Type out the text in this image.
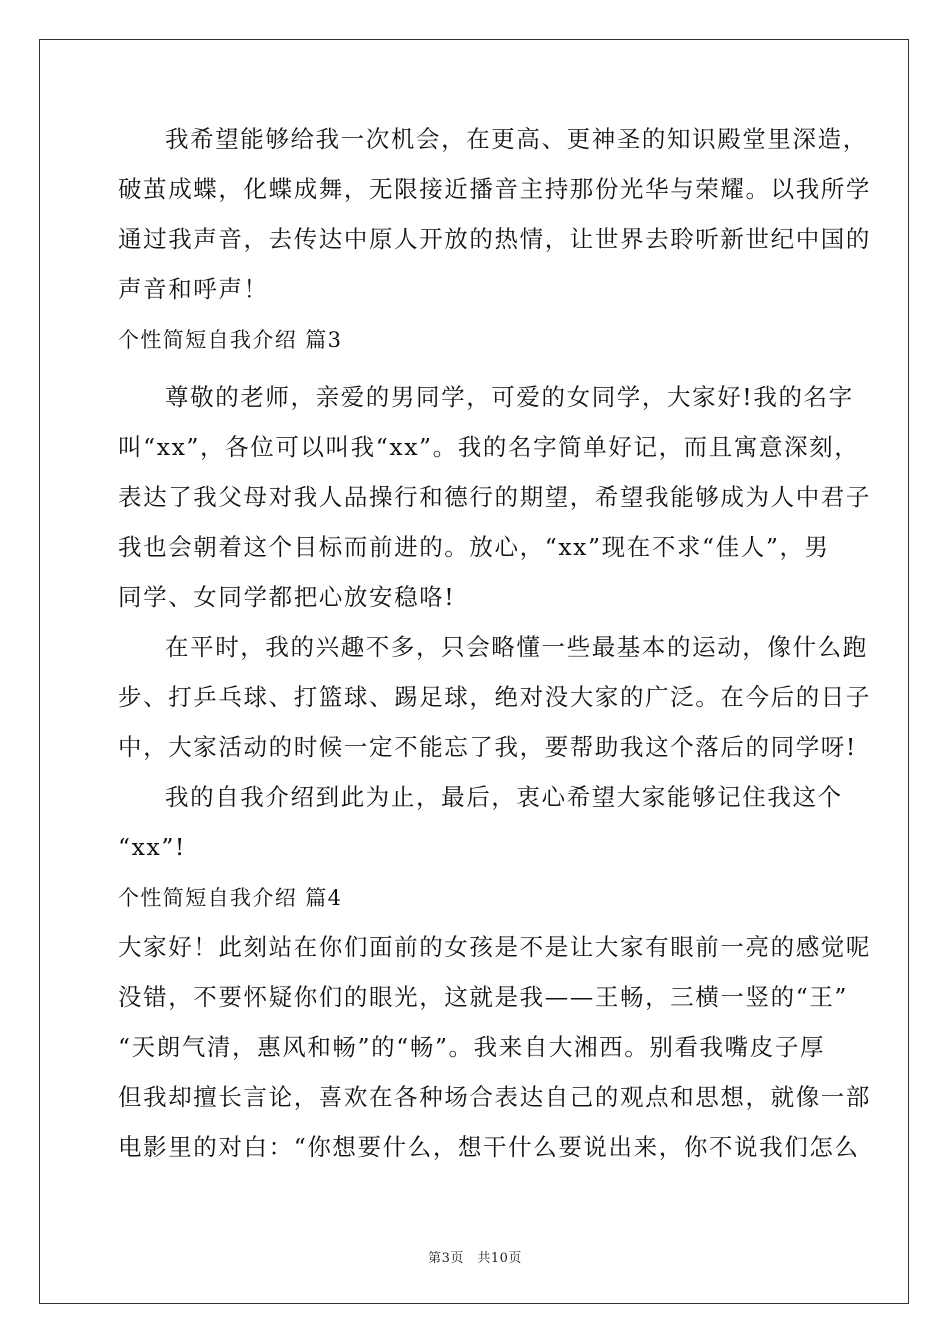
我希望能够给我一次机会，在更高、更神圣的知识殿堂里深造，
破茧成蝶，化蝶成舞，无限接近播音主持那份光华与荣耀。以我所学
通过我声音，去传达中原人开放的热情，让世界去聆听新世纪中国的
声音和呼声！
个性简短自我介绍 篇3
尊敬的老师，亲爱的男同学，可爱的女同学，大家好!我的名字
叫“xx”，各位可以叫我“xx”。我的名字简单好记，而且寓意深刻，
表达了我父母对我人品操行和德行的期望，希望我能够成为人中君子
我也会朝着这个目标而前进的。放心，“xx”现在不求“佳人”，男
同学、女同学都把心放安稳咯!
在平时，我的兴趣不多，只会略懂一些最基本的运动，像什么跑
步、打乒乓球、打篮球、踢足球，绝对没大家的广泛。在今后的日子
中，大家活动的时候一定不能忘了我，要帮助我这个落后的同学呀!
我的自我介绍到此为止，最后，衷心希望大家能够记住我这个
“xx”!
个性简短自我介绍 篇4
大家好！此刻站在你们面前的女孩是不是让大家有眼前一亮的感觉呢
没错，不要怀疑你们的眼光，这就是我——王畅，三横一竖的“王”
“天朗气清，惠风和畅”的“畅”。我来自大湘西。别看我嘴皮子厚
但我却擅长言论，喜欢在各种场合表达自己的观点和思想，就像一部
电影里的对白：“你想要什么，想干什么要说出来，你不说我们怎么
第3页　共10页
